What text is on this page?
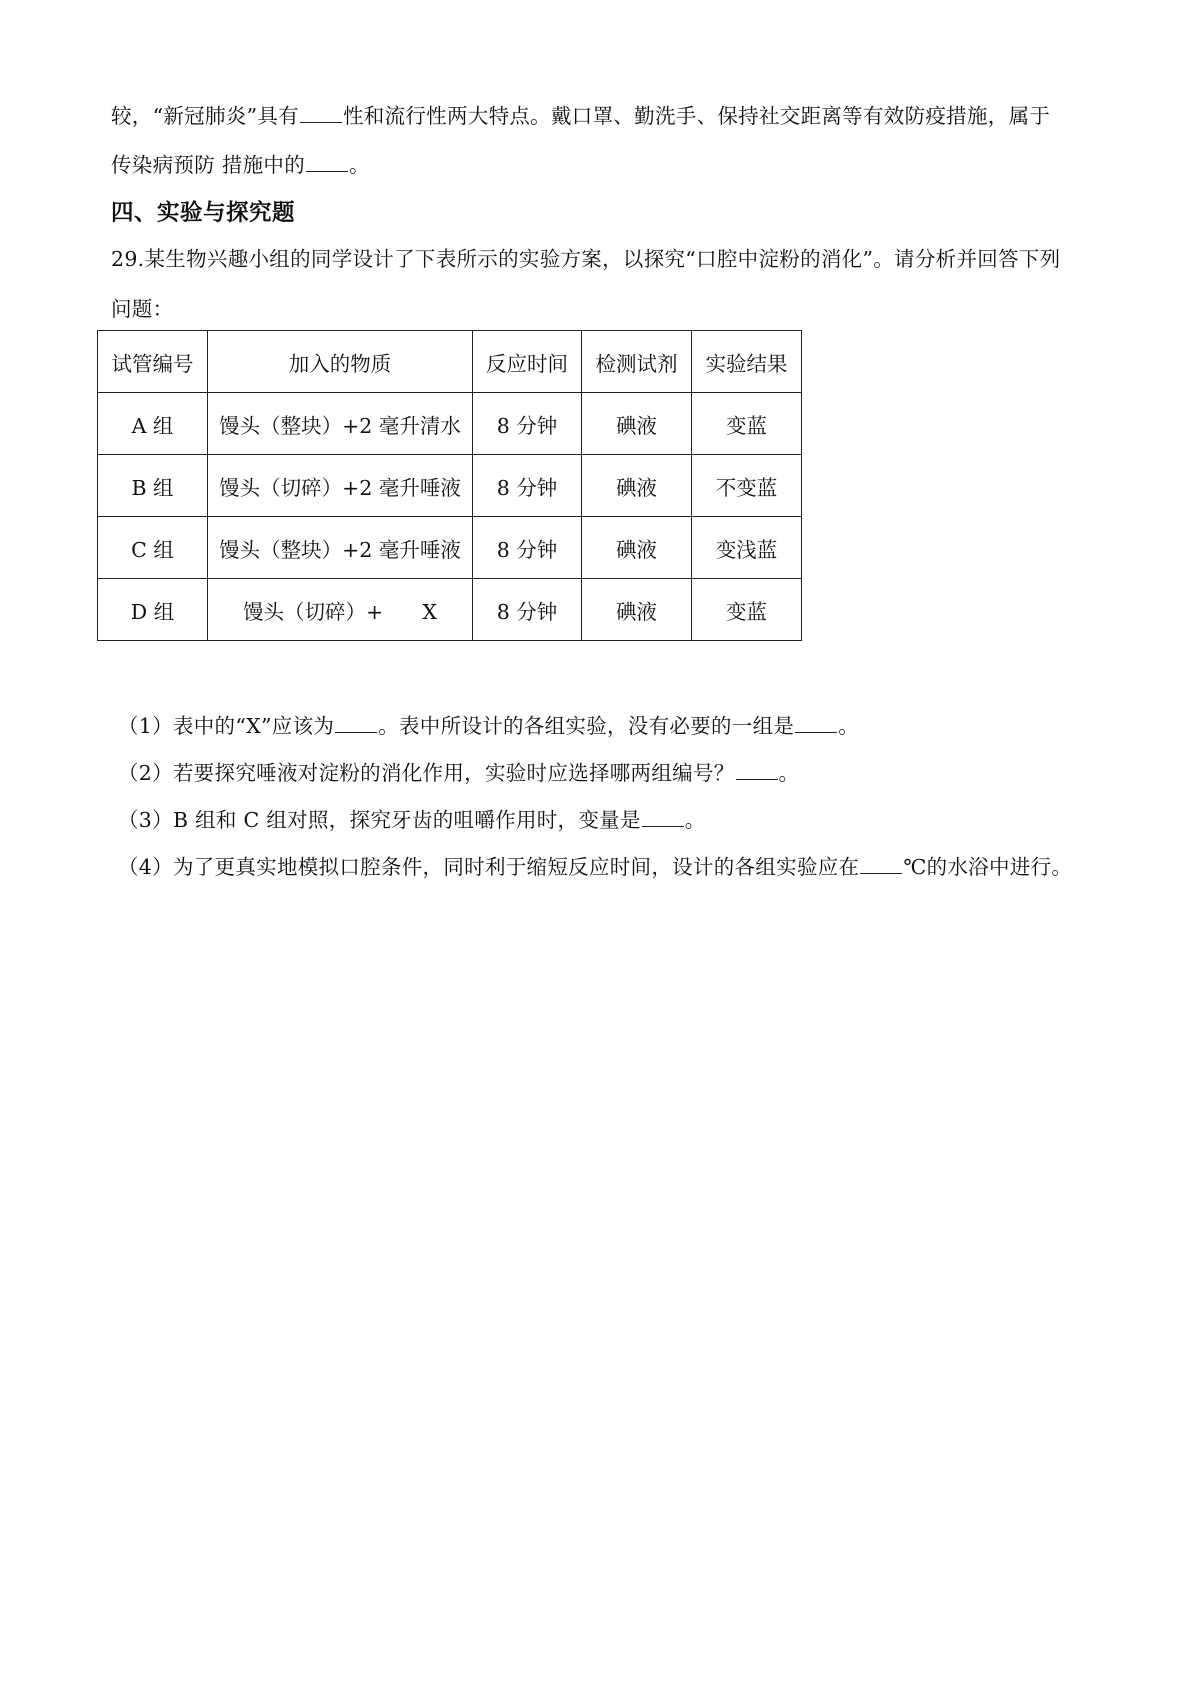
较，“新冠肺炎”具有 性和流行性两大特点。戴口罩、勤洗手、保持社交距离等有效防疫措施，属于
传染病预防 措施中的 。
四、实验与探究题
29.某生物兴趣小组的同学设计了下表所示的实验方案，以探究“口腔中淀粉的消化”。请分析并回答下列
问题：
试管编号	加入的物质	反应时间	检测试剂	实验结果
A 组	馒头（整块）+2 毫升清水	8 分钟	碘液	变蓝
B 组	馒头（切碎）+2 毫升唾液	8 分钟	碘液	不变蓝
C 组	馒头（整块）+2 毫升唾液	8 分钟	碘液	变浅蓝
D 组	馒头（切碎）+      X	8 分钟	碘液	变蓝
（1）表中的“X”应该为 。表中所设计的各组实验，没有必要的一组是 。
（2）若要探究唾液对淀粉的消化作用，实验时应选择哪两组编号？ 。
（3）B 组和 C 组对照，探究牙齿的咀嚼作用时，变量是 。
（4）为了更真实地模拟口腔条件，同时利于缩短反应时间，设计的各组实验应在 ℃的水浴中进行。
